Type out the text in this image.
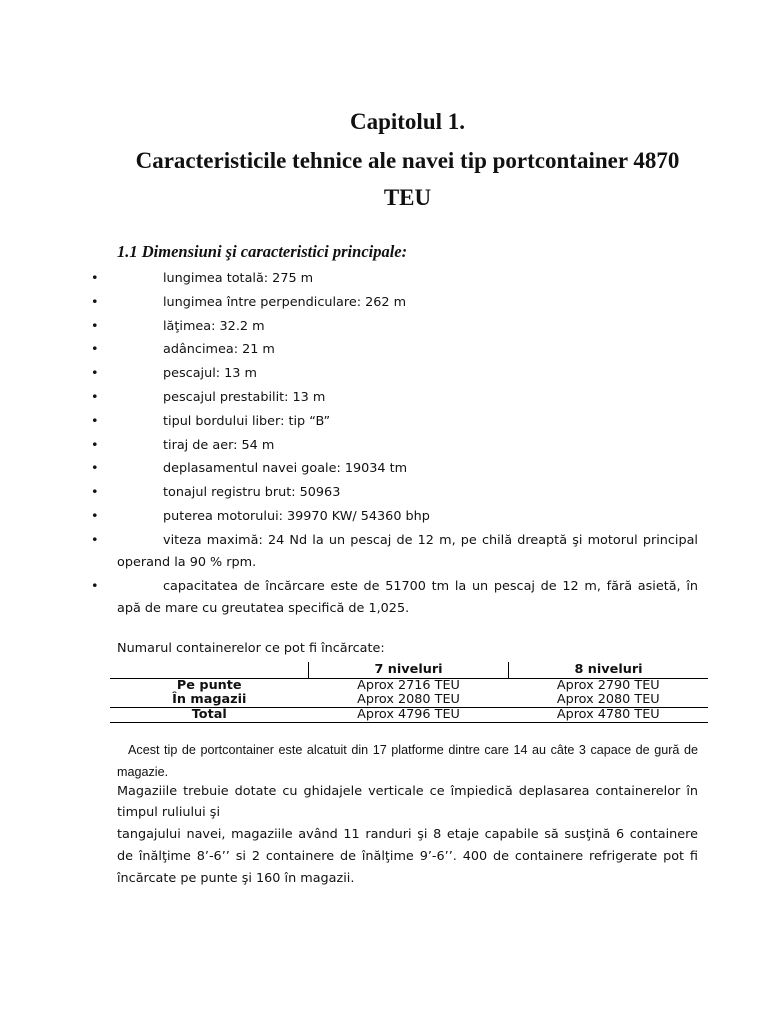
Capitolul 1.
Caracteristicile tehnice ale navei tip portcontainer 4870 TEU
1.1 Dimensiuni şi caracteristici principale:
•
lungimea totală: 275 m
•
lungimea între perpendiculare: 262 m
•
lăţimea: 32.2 m
•
adâncimea: 21 m
•
pescajul: 13 m
•
pescajul prestabilit: 13 m
•
tipul bordului liber: tip “B”
•
tiraj de aer: 54 m
•
deplasamentul navei goale: 19034 tm
•
tonajul registru brut: 50963
•
puterea motorului: 39970 KW/ 54360 bhp
•
viteza maximă: 24 Nd la un pescaj de 12 m, pe chilă dreaptă şi motorul principal
operand la 90 % rpm.
•
capacitatea de încărcare este de 51700 tm la un pescaj de 12 m, fără asietă, în
apă de mare cu greutatea specifică de 1,025.
Numarul containerelor ce pot fi încărcate:
	7 niveluri	8 niveluri
Pe punte	Aprox 2716 TEU	Aprox 2790 TEU
În magazii	Aprox 2080 TEU	Aprox 2080 TEU
Total	Aprox 4796 TEU	Aprox 4780 TEU
Acest tip de portcontainer este alcatuit din 17 platforme dintre care 14 au câte 3 capace de gură de
magazie.
Magaziile trebuie dotate cu ghidajele verticale ce împiedică deplasarea containerelor în
timpul ruliului şi
tangajului navei, magaziile având 11 randuri şi 8 etaje capabile să susţină 6 containere
de înălţime 8’-6’’ si 2 containere de înălţime 9’-6’’. 400 de containere refrigerate pot fi
încărcate pe punte şi 160 în magazii.
